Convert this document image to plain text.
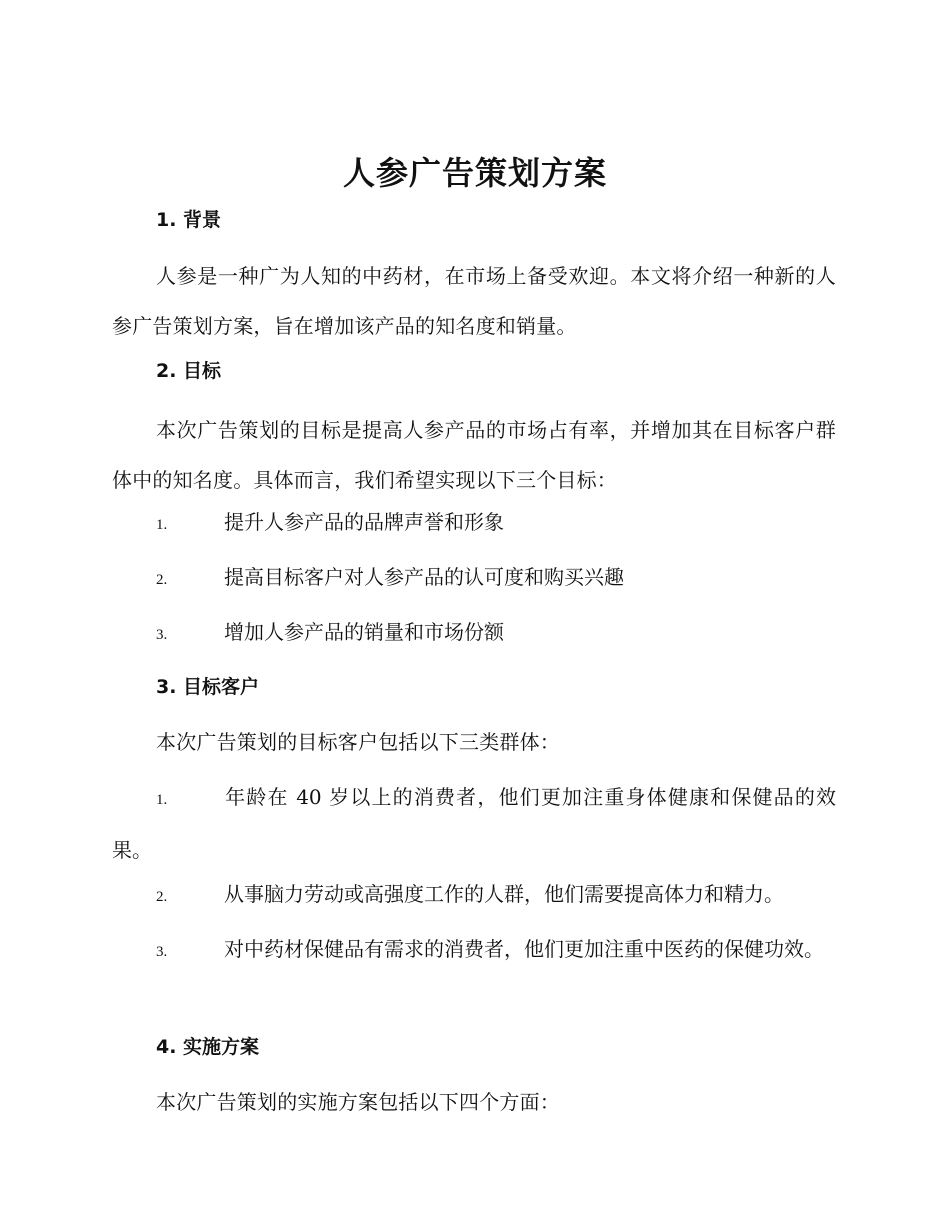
人参广告策划方案
1. 背景

人参是一种广为人知的中药材，在市场上备受欢迎。本文将介绍一种新的人参广告策划方案，旨在增加该产品的知名度和销量。

2. 目标

本次广告策划的目标是提高人参产品的市场占有率，并增加其在目标客户群体中的知名度。具体而言，我们希望实现以下三个目标：

1.	提升人参产品的品牌声誉和形象

2.	提高目标客户对人参产品的认可度和购买兴趣

3.	增加人参产品的销量和市场份额

3. 目标客户

本次广告策划的目标客户包括以下三类群体：

1.	年龄在 40 岁以上的消费者，他们更加注重身体健康和保健品的效果。

2.	从事脑力劳动或高强度工作的人群，他们需要提高体力和精力。

3.	对中药材保健品有需求的消费者，他们更加注重中医药的保健功效。

4. 实施方案

本次广告策划的实施方案包括以下四个方面：
